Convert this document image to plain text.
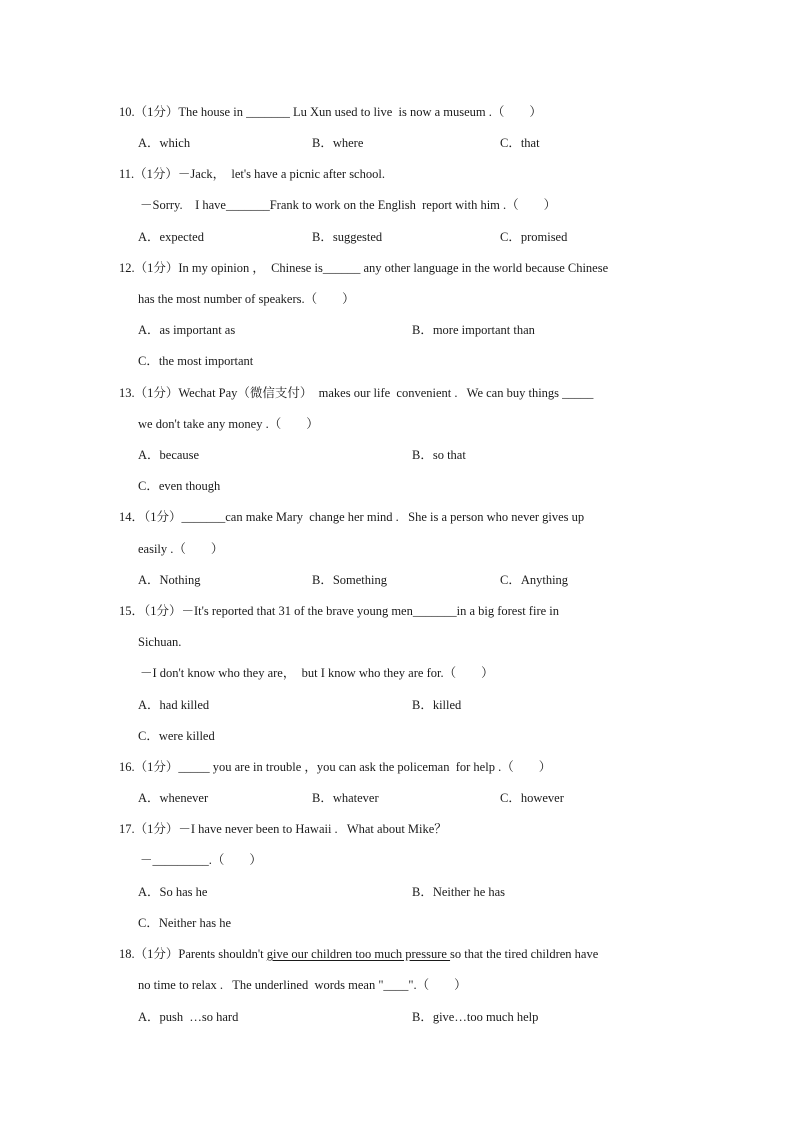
10.（1分）The house in _______ Lu Xun used to live  is now a museum .（　　）
A．which	B．where	C．that
11.（1分）－Jack，  let's have a picnic after school.
－Sorry.    I have_______Frank to work on the English  report with him .（　　）
A．expected	B．suggested	C．promised
12.（1分）In my opinion ，  Chinese is______ any other language in the world because Chinese
has the most number of speakers.（　　）
A．as important as	B．more important than
C．the most important
13.（1分）Wechat Pay（微信支付）  makes our life  convenient .   We can buy things _____
we don't take any money .（　　）
A．because	B．so that
C．even though
14．（1分）_______can make Mary  change her mind .   She is a person who never gives up
easily .（　　）
A．Nothing	B．Something	C．Anything
15．（1分）－It's reported that 31 of the brave young men_______in a big forest fire in
Sichuan.
－I don't know who they are，  but I know who they are for.（　　）
A．had killed	B．killed
C．were killed
16.（1分）_____ you are in trouble ，you can ask the policeman  for help .（　　）
A．whenever	B．whatever	C．however
17.（1分）－I have never been to Hawaii .   What about Mike？
－_________.（　　）
A．So has he	B．Neither he has
C．Neither has he
18.（1分）Parents shouldn't give our children too much pressure so that the tired children have
no time to relax .   The underlined  words mean "____".（　　）
A．push  …so hard	B．give…too much help
